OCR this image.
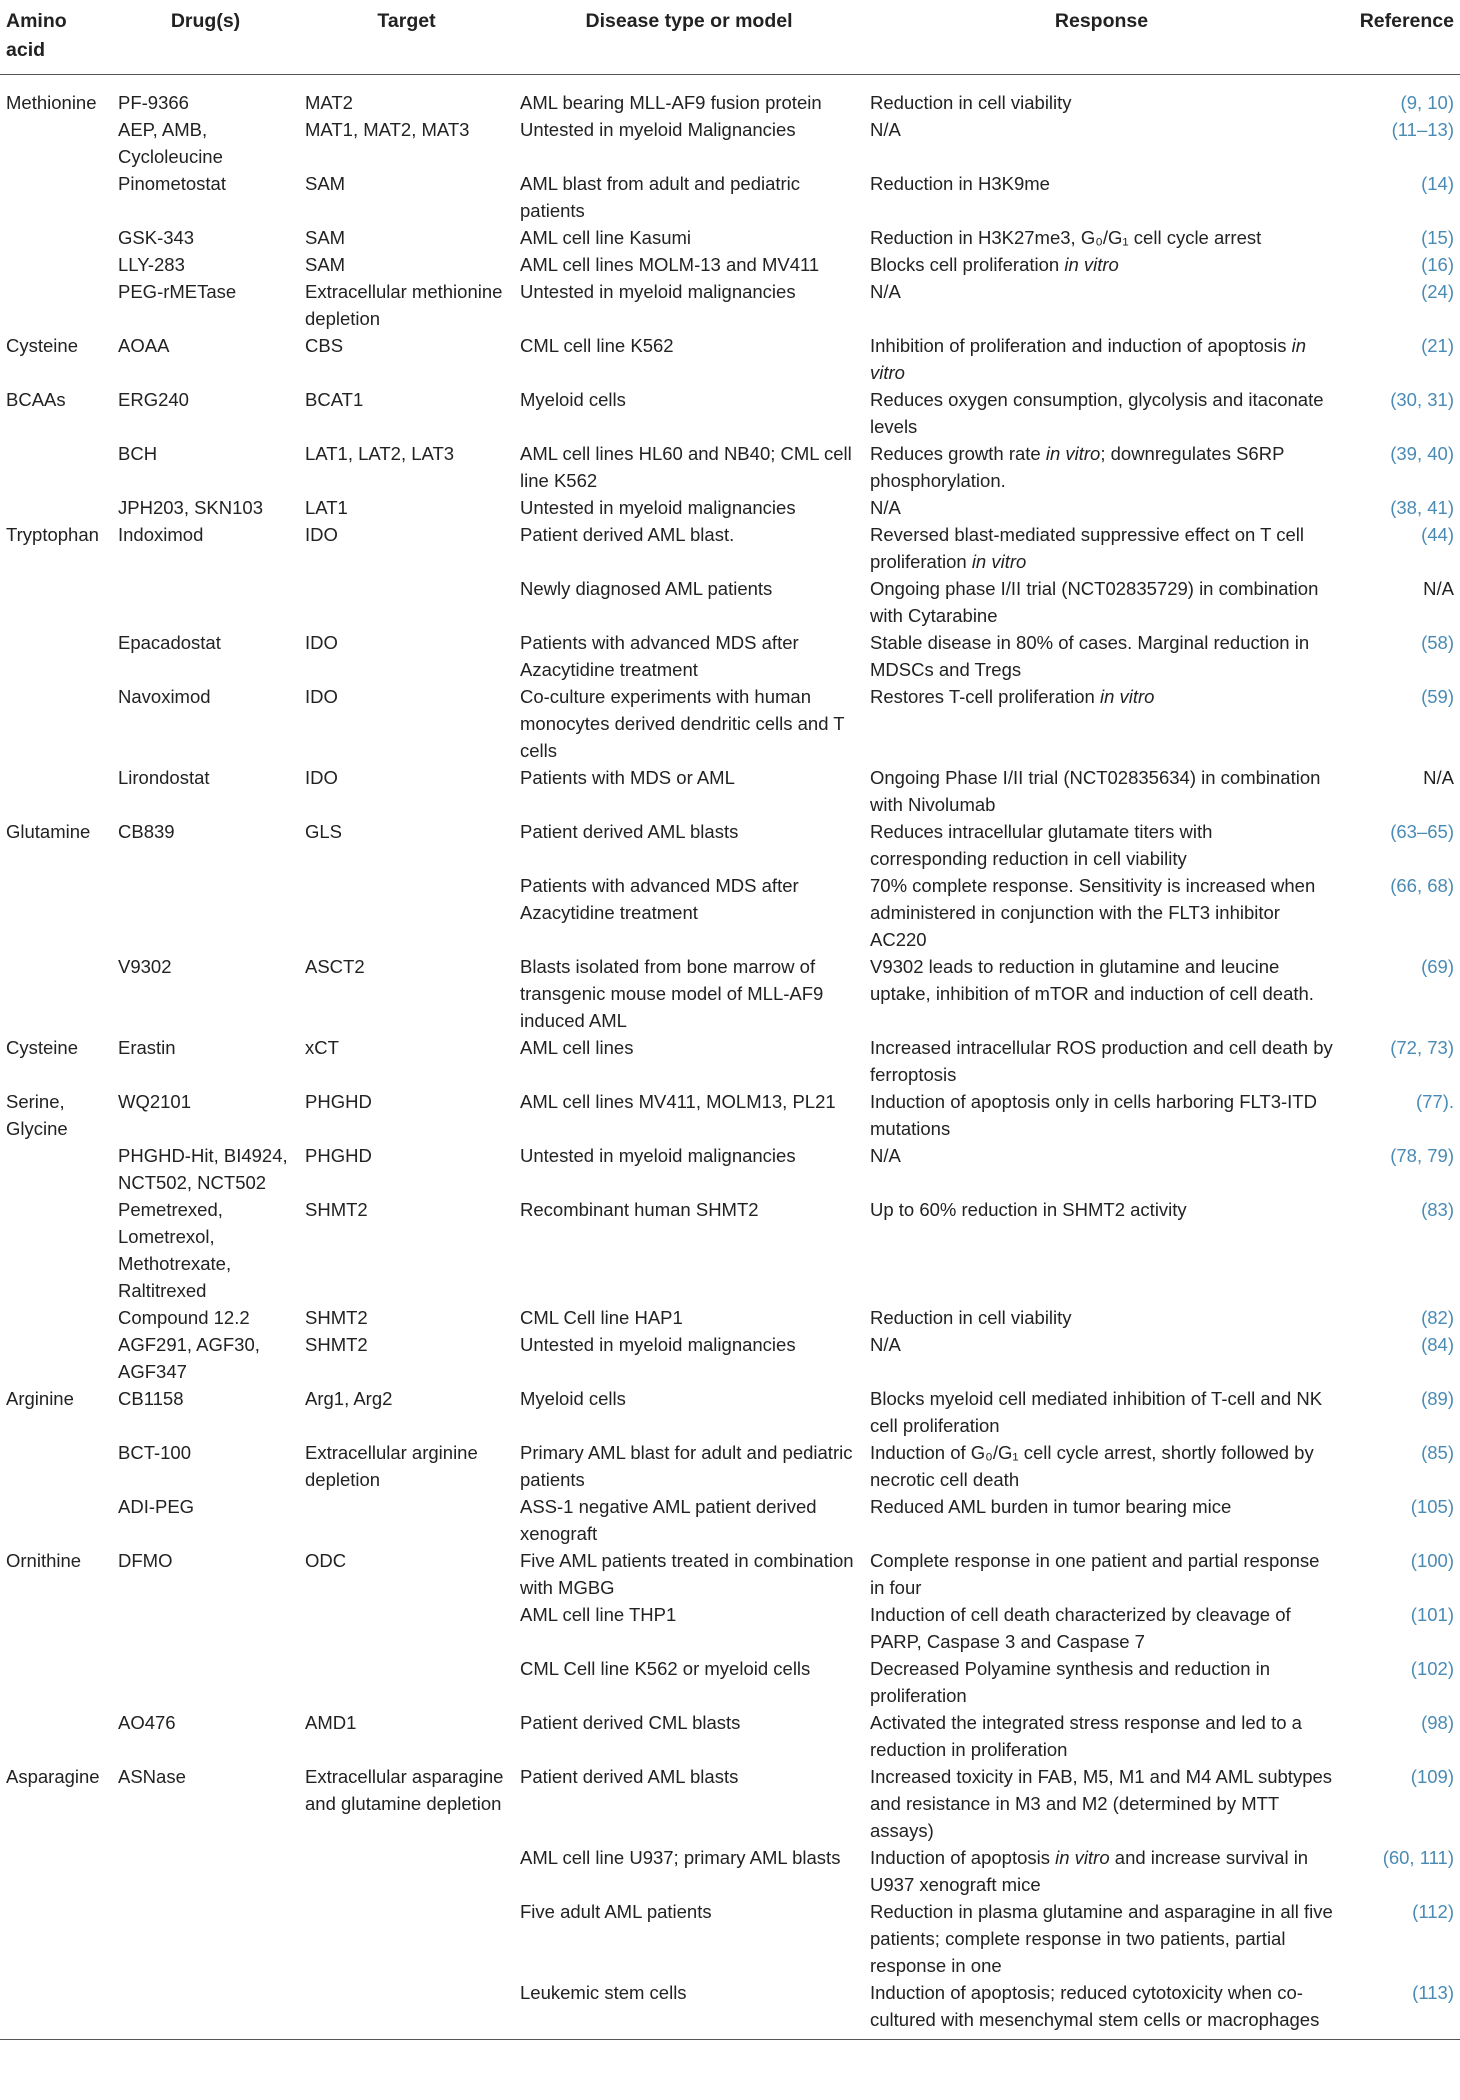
Amino acid	Drug(s)	Target	Disease type or model	Response	Reference
Methionine	PF-9366	MAT2	AML bearing MLL-AF9 fusion protein	Reduction in cell viability	(9, 10)
	AEP, AMB, Cycloleucine	MAT1, MAT2, MAT3	Untested in myeloid Malignancies	N/A	(11–13)
	Pinometostat	SAM	AML blast from adult and pediatric patients	Reduction in H3K9me	(14)
	GSK-343	SAM	AML cell line Kasumi	Reduction in H3K27me3, G₀/G₁ cell cycle arrest	(15)
	LLY-283	SAM	AML cell lines MOLM-13 and MV411	Blocks cell proliferation in vitro	(16)
	PEG-rMETase	Extracellular methionine depletion	Untested in myeloid malignancies	N/A	(24)
Cysteine	AOAA	CBS	CML cell line K562	Inhibition of proliferation and induction of apoptosis in vitro	(21)
BCAAs	ERG240	BCAT1	Myeloid cells	Reduces oxygen consumption, glycolysis and itaconate levels	(30, 31)
	BCH	LAT1, LAT2, LAT3	AML cell lines HL60 and NB40; CML cell line K562	Reduces growth rate in vitro; downregulates S6RP phosphorylation.	(39, 40)
	JPH203, SKN103	LAT1	Untested in myeloid malignancies	N/A	(38, 41)
Tryptophan	Indoximod	IDO	Patient derived AML blast.	Reversed blast-mediated suppressive effect on T cell proliferation in vitro	(44)
			Newly diagnosed AML patients	Ongoing phase I/II trial (NCT02835729) in combination with Cytarabine	N/A
	Epacadostat	IDO	Patients with advanced MDS after Azacytidine treatment	Stable disease in 80% of cases. Marginal reduction in MDSCs and Tregs	(58)
	Navoximod	IDO	Co-culture experiments with human monocytes derived dendritic cells and T cells	Restores T-cell proliferation in vitro	(59)
	Lirondostat	IDO	Patients with MDS or AML	Ongoing Phase I/II trial (NCT02835634) in combination with Nivolumab	N/A
Glutamine	CB839	GLS	Patient derived AML blasts	Reduces intracellular glutamate titers with corresponding reduction in cell viability	(63–65)
			Patients with advanced MDS after Azacytidine treatment	70% complete response. Sensitivity is increased when administered in conjunction with the FLT3 inhibitor AC220	(66, 68)
	V9302	ASCT2	Blasts isolated from bone marrow of transgenic mouse model of MLL-AF9 induced AML	V9302 leads to reduction in glutamine and leucine uptake, inhibition of mTOR and induction of cell death.	(69)
Cysteine	Erastin	xCT	AML cell lines	Increased intracellular ROS production and cell death by ferroptosis	(72, 73)
Serine, Glycine	WQ2101	PHGHD	AML cell lines MV411, MOLM13, PL21	Induction of apoptosis only in cells harboring FLT3-ITD mutations	(77).
	PHGHD-Hit, BI4924, NCT502, NCT502	PHGHD	Untested in myeloid malignancies	N/A	(78, 79)
	Pemetrexed, Lometrexol, Methotrexate, Raltitrexed	SHMT2	Recombinant human SHMT2	Up to 60% reduction in SHMT2 activity	(83)
	Compound 12.2	SHMT2	CML Cell line HAP1	Reduction in cell viability	(82)
	AGF291, AGF30, AGF347	SHMT2	Untested in myeloid malignancies	N/A	(84)
Arginine	CB1158	Arg1, Arg2	Myeloid cells	Blocks myeloid cell mediated inhibition of T-cell and NK cell proliferation	(89)
	BCT-100	Extracellular arginine depletion	Primary AML blast for adult and pediatric patients	Induction of G₀/G₁ cell cycle arrest, shortly followed by necrotic cell death	(85)
	ADI-PEG		ASS-1 negative AML patient derived xenograft	Reduced AML burden in tumor bearing mice	(105)
Ornithine	DFMO	ODC	Five AML patients treated in combination with MGBG	Complete response in one patient and partial response in four	(100)
			AML cell line THP1	Induction of cell death characterized by cleavage of PARP, Caspase 3 and Caspase 7	(101)
			CML Cell line K562 or myeloid cells	Decreased Polyamine synthesis and reduction in proliferation	(102)
	AO476	AMD1	Patient derived CML blasts	Activated the integrated stress response and led to a reduction in proliferation	(98)
Asparagine	ASNase	Extracellular asparagine and glutamine depletion	Patient derived AML blasts	Increased toxicity in FAB, M5, M1 and M4 AML subtypes and resistance in M3 and M2 (determined by MTT assays)	(109)
			AML cell line U937; primary AML blasts	Induction of apoptosis in vitro and increase survival in U937 xenograft mice	(60, 111)
			Five adult AML patients	Reduction in plasma glutamine and asparagine in all five patients; complete response in two patients, partial response in one	(112)
			Leukemic stem cells	Induction of apoptosis; reduced cytotoxicity when co-cultured with mesenchymal stem cells or macrophages	(113)
